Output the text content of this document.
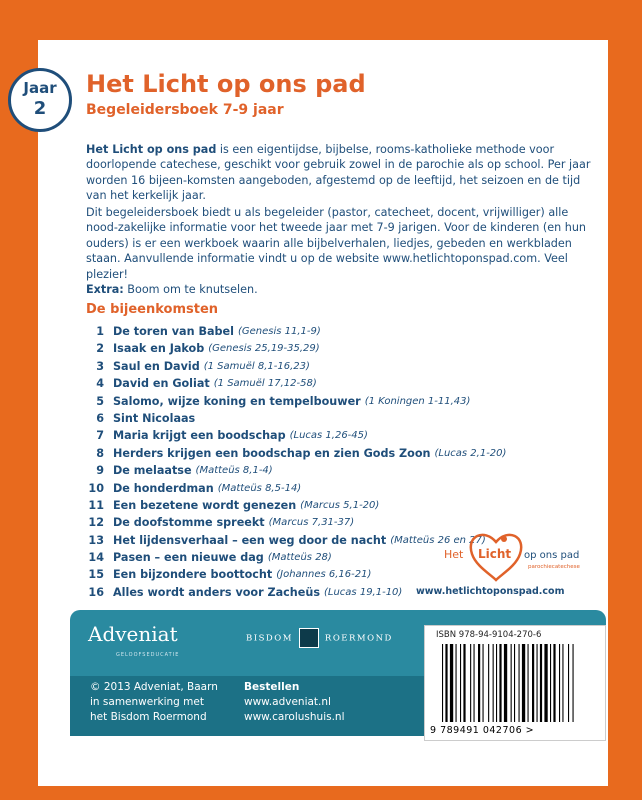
Jaar
2
Het Licht op ons pad
Begeleidersboek 7-9 jaar
Het Licht op ons pad is een eigentijdse, bijbelse, rooms-katholieke methode voor doorlopende catechese, geschikt voor gebruik zowel in de parochie als op school. Per jaar worden 16 bijeen-komsten aangeboden, afgestemd op de leeftijd, het seizoen en de tijd van het kerkelijk jaar.
Dit begeleidersboek biedt u als begeleider (pastor, catecheet, docent, vrijwilliger) alle nood-zakelijke informatie voor het tweede jaar met 7-9 jarigen. Voor de kinderen (en hun ouders) is er een werkboek waarin alle bijbelverhalen, liedjes, gebeden en werkbladen staan. Aanvullende informatie vindt u op de website www.hetlichtoponspad.com. Veel plezier!
Extra: Boom om te knutselen.
De bijeenkomsten
1 De toren van Babel (Genesis 11,1-9)
2 Isaak en Jakob (Genesis 25,19-35,29)
3 Saul en David (1 Samuël 8,1-16,23)
4 David en Goliat (1 Samuël 17,12-58)
5 Salomo, wijze koning en tempelbouwer (1 Koningen 1-11,43)
6 Sint Nicolaas
7 Maria krijgt een boodschap (Lucas 1,26-45)
8 Herders krijgen een boodschap en zien Gods Zoon (Lucas 2,1-20)
9 De melaatse (Matteüs 8,1-4)
10 De honderdman (Matteüs 8,5-14)
11 Een bezetene wordt genezen (Marcus 5,1-20)
12 De doofstomme spreekt (Marcus 7,31-37)
13 Het lijdensverhaal – een weg door de nacht (Matteüs 26 en 27)
14 Pasen – een nieuwe dag (Matteüs 28)
15 Een bijzondere boottocht (Johannes 6,16-21)
16 Alles wordt anders voor Zacheüs (Lucas 19,1-10)
Het Licht op ons pad
parochiecatechese
www.hetlichtoponspad.com
Adveniat
GELOOFSEDUCATIE
BISDOM	ROERMOND
© 2013 Adveniat, Baarn
in samenwerking met
het Bisdom Roermond
Bestellen
www.adveniat.nl
www.carolushuis.nl
ISBN 978-94-9104-270-6
9 789491 042706 >
